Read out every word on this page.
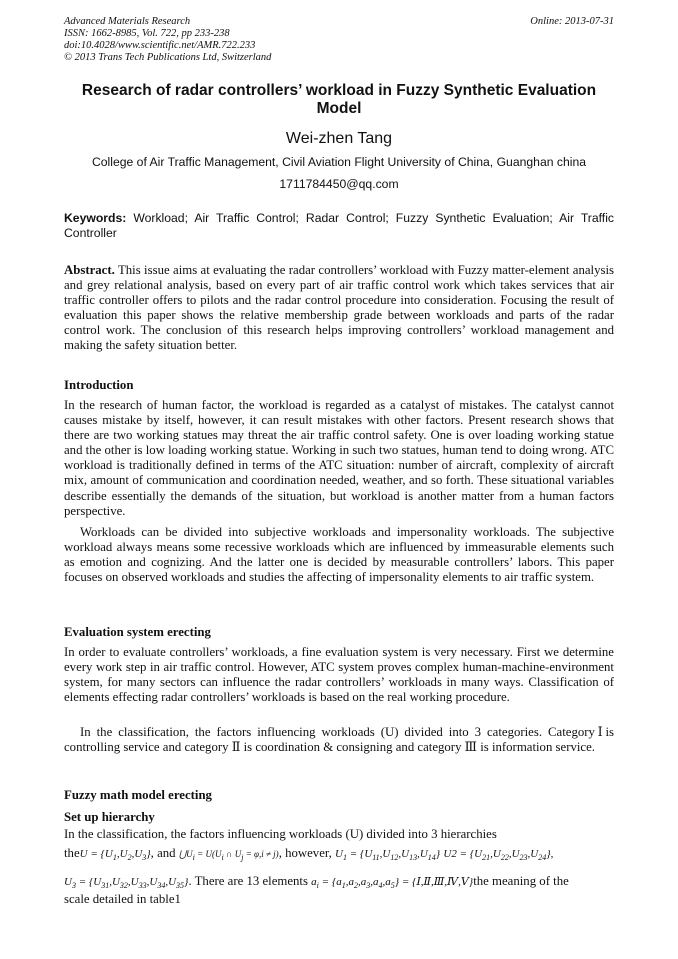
Advanced Materials Research
ISSN: 1662-8985, Vol. 722, pp 233-238
doi:10.4028/www.scientific.net/AMR.722.233
© 2013 Trans Tech Publications Ltd, Switzerland
Online: 2013-07-31
Research of radar controllers’ workload in Fuzzy Synthetic Evaluation Model
Wei-zhen Tang
College of Air Traffic Management, Civil Aviation Flight University of China, Guanghan china
1711784450@qq.com
Keywords: Workload; Air Traffic Control; Radar Control; Fuzzy Synthetic Evaluation; Air Traffic Controller
Abstract. This issue aims at evaluating the radar controllers’ workload with Fuzzy matter-element analysis and grey relational analysis, based on every part of air traffic control work which takes services that air traffic controller offers to pilots and the radar control procedure into consideration. Focusing the result of evaluation this paper shows the relative membership grade between workloads and parts of the radar control work. The conclusion of this research helps improving controllers’ workload management and making the safety situation better.
Introduction
In the research of human factor, the workload is regarded as a catalyst of mistakes. The catalyst cannot causes mistake by itself, however, it can result mistakes with other factors. Present research shows that there are two working statues may threat the air traffic control safety. One is over loading working statue and the other is low loading working statue. Working in such two statues, human tend to doing wrong. ATC workload is traditionally defined in terms of the ATC situation: number of aircraft, complexity of aircraft mix, amount of communication and coordination needed, weather, and so forth. These situational variables describe essentially the demands of the situation, but workload is another matter from a human factors perspective.
Workloads can be divided into subjective workloads and impersonality workloads. The subjective workload always means some recessive workloads which are influenced by immeasurable elements such as emotion and cognizing. And the latter one is decided by measurable controllers’ labors. This paper focuses on observed workloads and studies the affecting of impersonality elements to air traffic system.
Evaluation system erecting
In order to evaluate controllers’ workloads, a fine evaluation system is very necessary. First we determine every work step in air traffic control. However, ATC system proves complex human-machine-environment system, for many sectors can influence the radar controllers’ workloads in many ways. Classification of elements effecting radar controllers’ workloads is based on the real working procedure.
In the classification, the factors influencing workloads (U) divided into 3 categories. CategoryⅠis controlling service and category Ⅱ is coordination & consigning and category Ⅲ is information service.
Fuzzy math model erecting
Set up hierarchy
In the classification, the factors influencing workloads (U) divided into 3 hierarchies
theU = $\{U_1,U_2,U_3\}$, and $⋃U_i = U(U_i$ ∩ $U_j = \varphi,i \ne j$), however, $U_1 = \{U_{11},U_{12},U_{13},U_{14}\} U2 = \{U_{21},U_{22},U_{23},U_{24}\}$,
$U_3 = \{U_{31},U_{32},U_{33},U_{34},U_{35}\}$. There are 13 elements $a_i = \{a_1,a_2,a_3,a_4,a_5\}$ = {Ⅰ,Ⅱ,Ⅲ,Ⅳ,Ⅴ}the meaning of the
scale detailed in table1
